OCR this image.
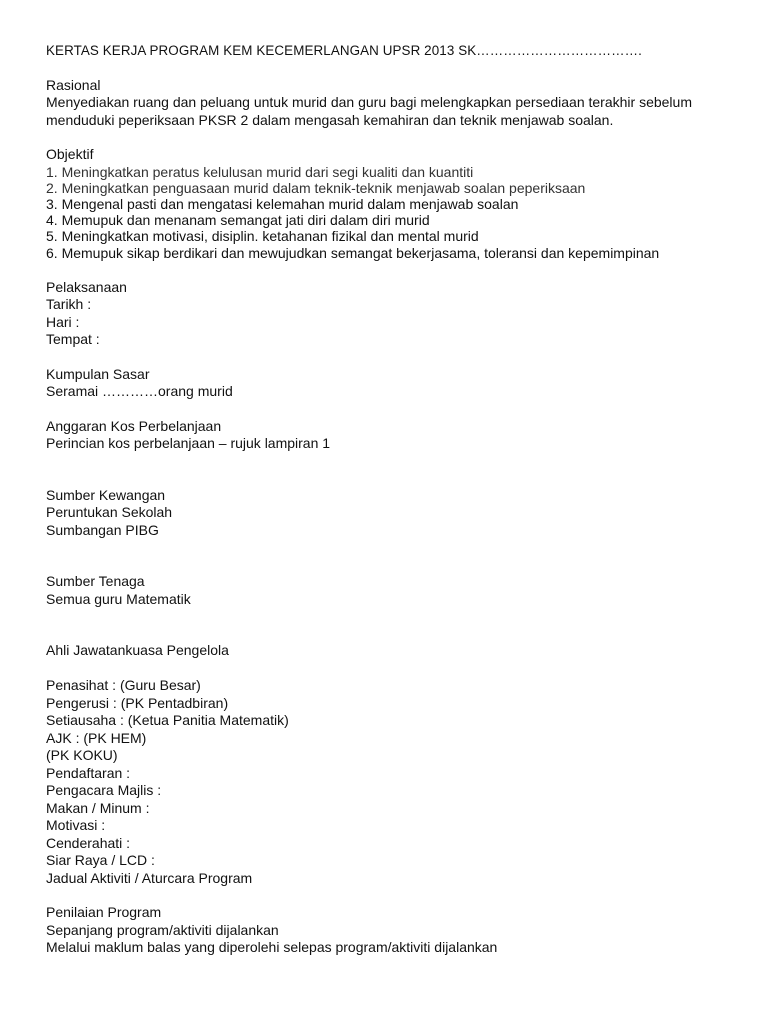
KERTAS KERJA PROGRAM KEM KECEMERLANGAN UPSR 2013 SK……………………………….
Rasional
Menyediakan ruang dan peluang untuk murid dan guru bagi melengkapkan persediaan terakhir sebelum
menduduki peperiksaan PKSR 2 dalam mengasah kemahiran dan teknik menjawab soalan.
Objektif
1. Meningkatkan peratus kelulusan murid dari segi kualiti dan kuantiti
2. Meningkatkan penguasaan murid dalam teknik-teknik menjawab soalan peperiksaan
3. Mengenal pasti dan mengatasi kelemahan murid dalam menjawab soalan
4. Memupuk dan menanam semangat jati diri dalam diri murid
5. Meningkatkan motivasi, disiplin. ketahanan fizikal dan mental murid
6. Memupuk sikap berdikari dan mewujudkan semangat bekerjasama, toleransi dan kepemimpinan
Pelaksanaan
Tarikh :
Hari :
Tempat :
Kumpulan Sasar
Seramai …………orang murid
Anggaran Kos Perbelanjaan
Perincian kos perbelanjaan – rujuk lampiran 1
Sumber Kewangan
Peruntukan Sekolah
Sumbangan PIBG
Sumber Tenaga
Semua guru Matematik
Ahli Jawatankuasa Pengelola
Penasihat : (Guru Besar)
Pengerusi : (PK Pentadbiran)
Setiausaha : (Ketua Panitia Matematik)
AJK : (PK HEM)
(PK KOKU)
Pendaftaran :
Pengacara Majlis :
Makan / Minum :
Motivasi :
Cenderahati :
Siar Raya / LCD :
Jadual Aktiviti / Aturcara Program
Penilaian Program
Sepanjang program/aktiviti dijalankan
Melalui maklum balas yang diperolehi selepas program/aktiviti dijalankan
